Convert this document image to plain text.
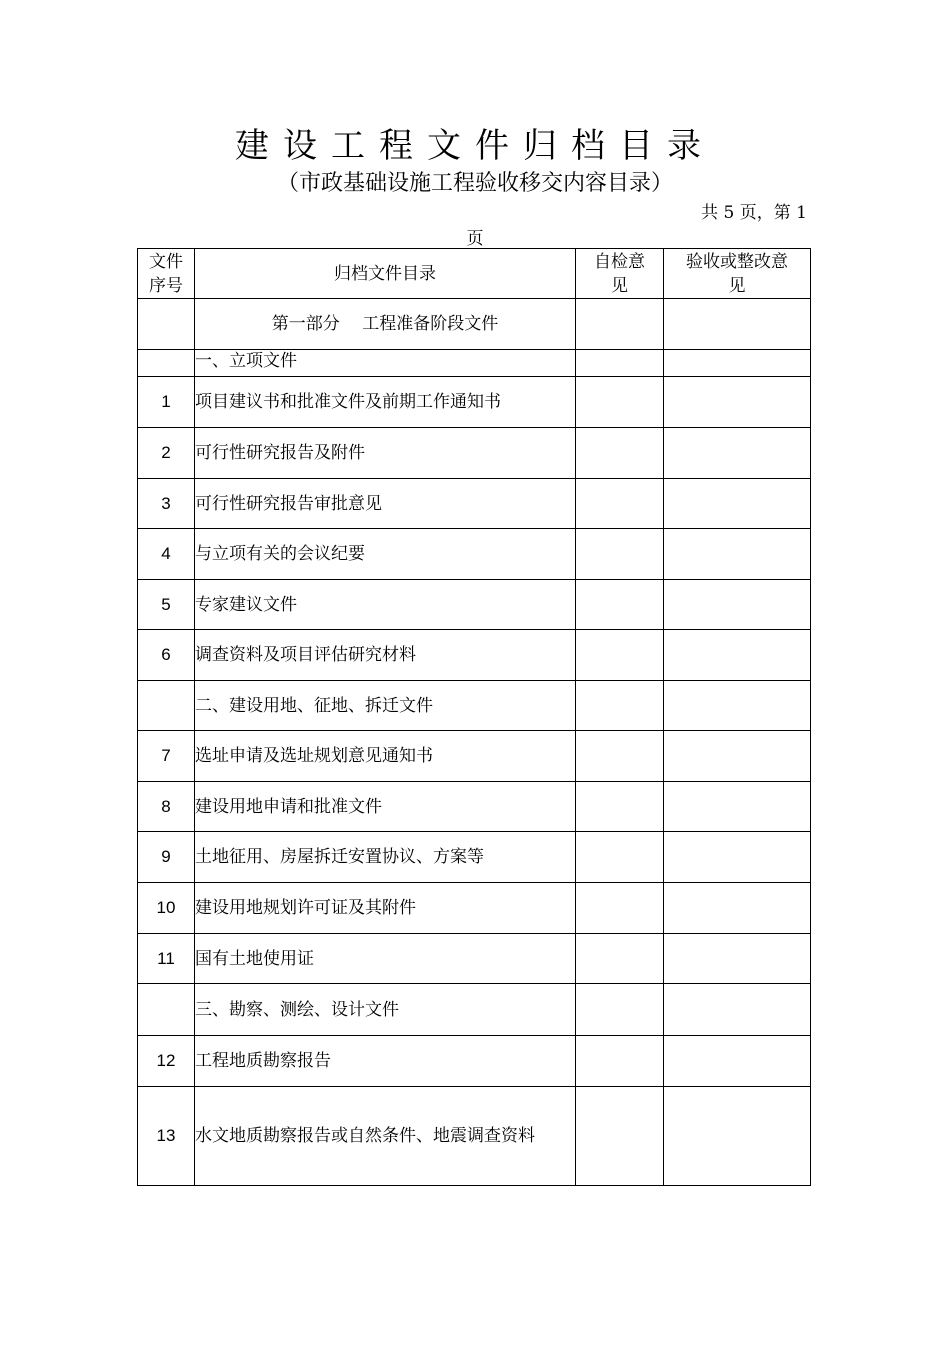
建设工程文件归档目录
（市政基础设施工程验收移交内容目录）
共 5 页，第 1
页
文件序号	归档文件目录	自检意见	验收或整改意见

	第一部分　 工程准备阶段文件		
	一、立项文件		
1	项目建议书和批准文件及前期工作通知书		
2	可行性研究报告及附件		
3	可行性研究报告审批意见		
4	与立项有关的会议纪要		
5	专家建议文件		
6	调查资料及项目评估研究材料		
	二、建设用地、征地、拆迁文件		
7	选址申请及选址规划意见通知书		
8	建设用地申请和批准文件		
9	土地征用、房屋拆迁安置协议、方案等		
10	建设用地规划许可证及其附件		
11	国有土地使用证		
	三、勘察、测绘、设计文件		
12	工程地质勘察报告		
13	水文地质勘察报告或自然条件、地震调查资料		
